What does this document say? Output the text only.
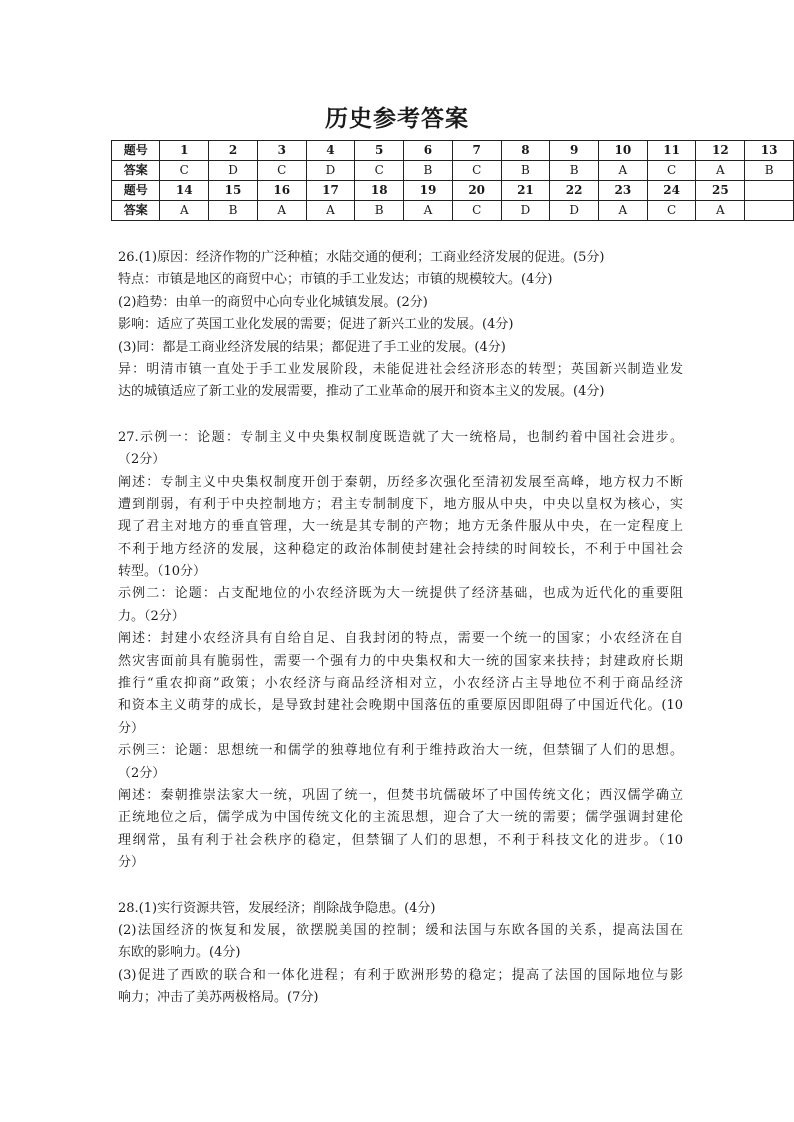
历史参考答案
题号	1	2	3	4	5	6	7	8	9	10	11	12	13
答案	C	D	C	D	C	B	C	B	B	A	C	A	B
题号	14	15	16	17	18	19	20	21	22	23	24	25	
答案	A	B	A	A	B	A	C	D	D	A	C	A	
26.(1)原因：经济作物的广泛种植；水陆交通的便利；工商业经济发展的促进。(5分)
特点：市镇是地区的商贸中心；市镇的手工业发达；市镇的规模较大。(4分)
(2)趋势：由单一的商贸中心向专业化城镇发展。(2分)
影响：适应了英国工业化发展的需要；促进了新兴工业的发展。(4分)
(3)同：都是工商业经济发展的结果；都促进了手工业的发展。(4分)
异：明清市镇一直处于手工业发展阶段，未能促进社会经济形态的转型；英国新兴制造业发
达的城镇适应了新工业的发展需要，推动了工业革命的展开和资本主义的发展。(4分)
27.示例一：论题：专制主义中央集权制度既造就了大一统格局，也制约着中国社会进步。
（2分）
阐述：专制主义中央集权制度开创于秦朝，历经多次强化至清初发展至高峰，地方权力不断
遭到削弱，有利于中央控制地方；君主专制制度下，地方服从中央，中央以皇权为核心，实
现了君主对地方的垂直管理，大一统是其专制的产物；地方无条件服从中央，在一定程度上
不利于地方经济的发展，这种稳定的政治体制使封建社会持续的时间较长，不利于中国社会
转型。（10分）
示例二：论题：占支配地位的小农经济既为大一统提供了经济基础，也成为近代化的重要阻
力。（2分）
阐述：封建小农经济具有自给自足、自我封闭的特点，需要一个统一的国家；小农经济在自
然灾害面前具有脆弱性，需要一个强有力的中央集权和大一统的国家来扶持；封建政府长期
推行“重农抑商”政策；小农经济与商品经济相对立，小农经济占主导地位不利于商品经济
和资本主义萌芽的成长，是导致封建社会晚期中国落伍的重要原因即阻碍了中国近代化。(10
分）
示例三：论题：思想统一和儒学的独尊地位有利于维持政治大一统，但禁锢了人们的思想。
（2分）
阐述：秦朝推崇法家大一统，巩固了统一，但焚书坑儒破坏了中国传统文化；西汉儒学确立
正统地位之后，儒学成为中国传统文化的主流思想，迎合了大一统的需要；儒学强调封建伦
理纲常，虽有利于社会秩序的稳定，但禁锢了人们的思想，不利于科技文化的进步。（10
分）
28.(1)实行资源共管，发展经济；削除战争隐患。(4分)
(2)法国经济的恢复和发展，欲摆脱美国的控制；缓和法国与东欧各国的关系，提高法国在
东欧的影响力。(4分)
(3)促进了西欧的联合和一体化进程；有利于欧洲形势的稳定；提高了法国的国际地位与影
响力；冲击了美苏两极格局。(7分)
